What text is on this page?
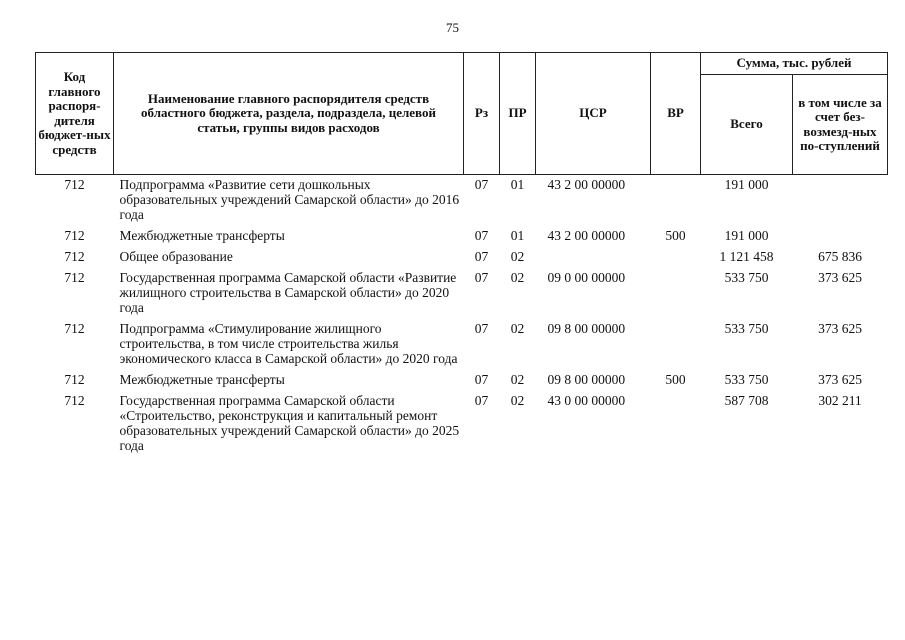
75
Код главного распоря-дителя бюджет-ных средств	Наименование главного распорядителя средств областного бюджета, раздела, подраздела, целевой статьи, группы видов расходов	Рз	ПР	ЦСР	ВР	Сумма, тыс. рублей	
						Всего	в том числе за счет без-возмезд-ных по-ступлений
712	Подпрограмма «Развитие сети дошкольных образовательных учреждений Самарской области» до 2016 года	07	01	43 2 00 00000		191 000	
712	Межбюджетные трансферты	07	01	43 2 00 00000	500	191 000	
712	Общее образование	07	02			1 121 458	675 836
712	Государственная программа Самарской области «Развитие жилищного строительства в Самарской области» до 2020 года	07	02	09 0 00 00000		533 750	373 625
712	Подпрограмма «Стимулирование жилищного строительства, в том числе строительства жилья экономического класса в Самарской области» до 2020 года	07	02	09 8 00 00000		533 750	373 625
712	Межбюджетные трансферты	07	02	09 8 00 00000	500	533 750	373 625
712	Государственная программа Самарской области «Строительство, реконструкция и капитальный ремонт образовательных учреждений Самарской области» до 2025 года	07	02	43 0 00 00000		587 708	302 211
